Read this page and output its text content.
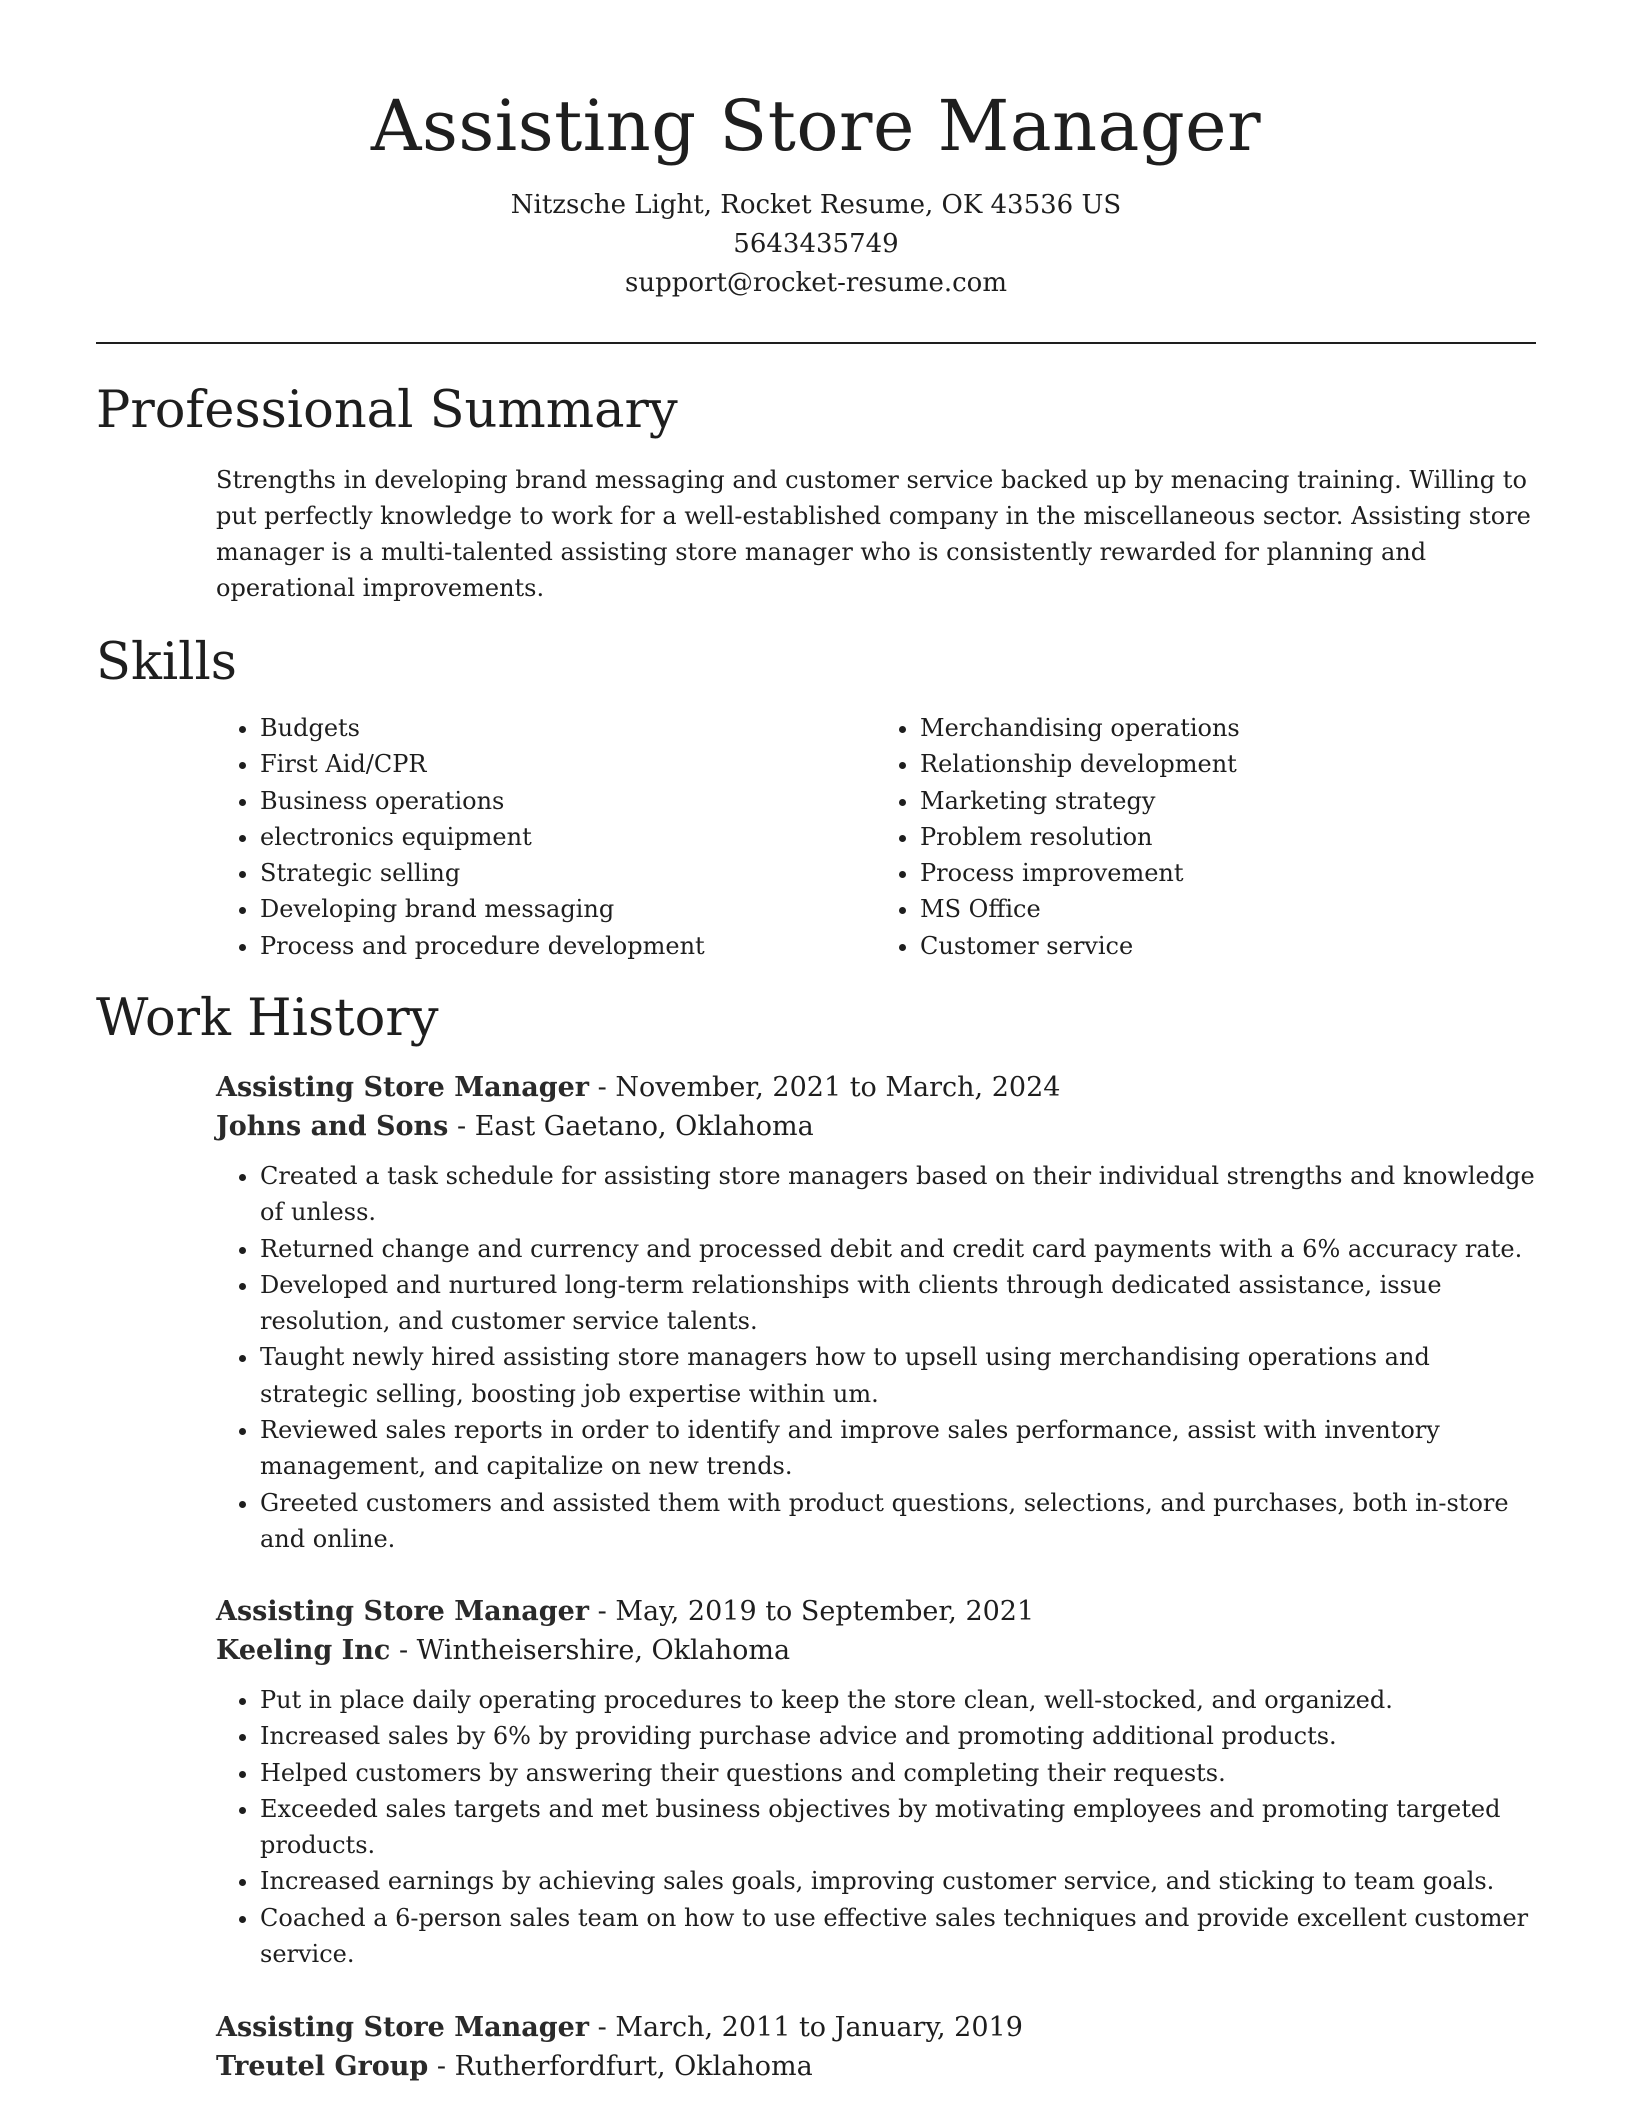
Assisting Store Manager
Nitzsche Light, Rocket Resume, OK 43536 US
5643435749
support@rocket-resume.com
Professional Summary
Strengths in developing brand messaging and customer service backed up by menacing training. Willing to put perfectly knowledge to work for a well-established company in the miscellaneous sector. Assisting store manager is a multi-talented assisting store manager who is consistently rewarded for planning and operational improvements.
Skills
• Budgets
• First Aid/CPR
• Business operations
• electronics equipment
• Strategic selling
• Developing brand messaging
• Process and procedure development
• Merchandising operations
• Relationship development
• Marketing strategy
• Problem resolution
• Process improvement
• MS Office
• Customer service
Work History
Assisting Store Manager - November, 2021 to March, 2024
Johns and Sons - East Gaetano, Oklahoma
• Created a task schedule for assisting store managers based on their individual strengths and knowledge of unless.
• Returned change and currency and processed debit and credit card payments with a 6% accuracy rate.
• Developed and nurtured long-term relationships with clients through dedicated assistance, issue resolution, and customer service talents.
• Taught newly hired assisting store managers how to upsell using merchandising operations and strategic selling, boosting job expertise within um.
• Reviewed sales reports in order to identify and improve sales performance, assist with inventory management, and capitalize on new trends.
• Greeted customers and assisted them with product questions, selections, and purchases, both in-store and online.
Assisting Store Manager - May, 2019 to September, 2021
Keeling Inc - Wintheisershire, Oklahoma
• Put in place daily operating procedures to keep the store clean, well-stocked, and organized.
• Increased sales by 6% by providing purchase advice and promoting additional products.
• Helped customers by answering their questions and completing their requests.
• Exceeded sales targets and met business objectives by motivating employees and promoting targeted products.
• Increased earnings by achieving sales goals, improving customer service, and sticking to team goals.
• Coached a 6-person sales team on how to use effective sales techniques and provide excellent customer service.
Assisting Store Manager - March, 2011 to January, 2019
Treutel Group - Rutherfordfurt, Oklahoma
